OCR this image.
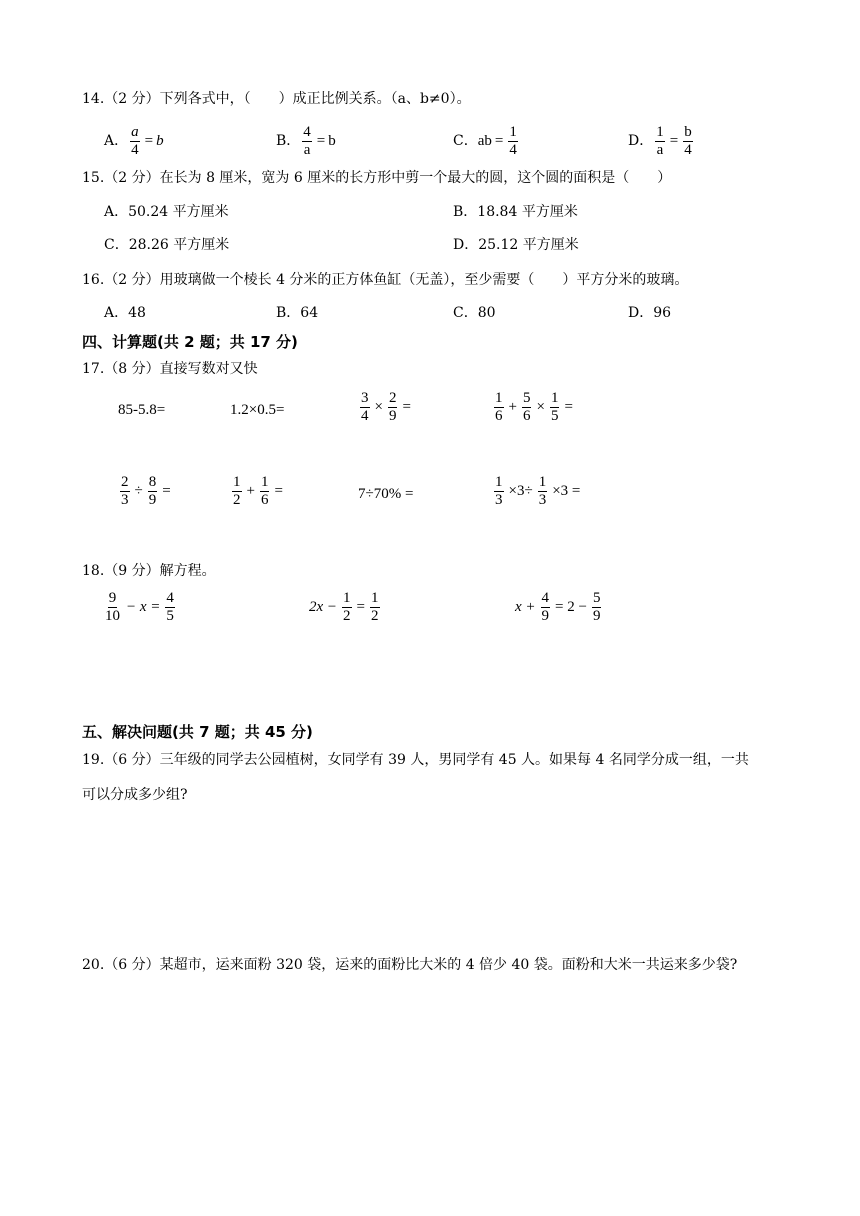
14.（2 分）下列各式中，（　　）成正比例关系。（a、b≠0）。
A． $\frac{a}{4} = b$	B． $\frac{4}{a} = b$	C． ab = $\frac{1}{4}$	D． $\frac{1}{a} = \frac{b}{4}$
15.（2 分）在长为 8 厘米，宽为 6 厘米的长方形中剪一个最大的圆，这个圆的面积是（　　）
A．50.24 平方厘米	B．18.84 平方厘米
C．28.26 平方厘米	D．25.12 平方厘米
16.（2 分）用玻璃做一个棱长 4 分米的正方体鱼缸（无盖），至少需要（　　）平方分米的玻璃。
A．48	B．64	C．80	D．96
四、计算题(共 2 题；共 17 分)
17.（8 分）直接写数对又快
85-5.8=	1.2×0.5=	$\frac{3}{4} \times \frac{2}{9}$ =	$\frac{1}{6} + \frac{5}{6} \times \frac{1}{5}$ =
$\frac{2}{3} \div \frac{8}{9}$ =	$\frac{1}{2} + \frac{1}{6}$ =	7÷70% =	$\frac{1}{3} \times 3\div \frac{1}{3} \times 3$ =
18.（9 分）解方程。
$\frac{9}{10} - x = \frac{4}{5}$	$2x - \frac{1}{2} = \frac{1}{2}$	$x + \frac{4}{9} = 2 - \frac{5}{9}$
五、解决问题(共 7 题；共 45 分)
19.（6 分）三年级的同学去公园植树，女同学有 39 人，男同学有 45 人。如果每 4 名同学分成一组，一共
可以分成多少组?
20.（6 分）某超市，运来面粉 320 袋，运来的面粉比大米的 4 倍少 40 袋。面粉和大米一共运来多少袋?
